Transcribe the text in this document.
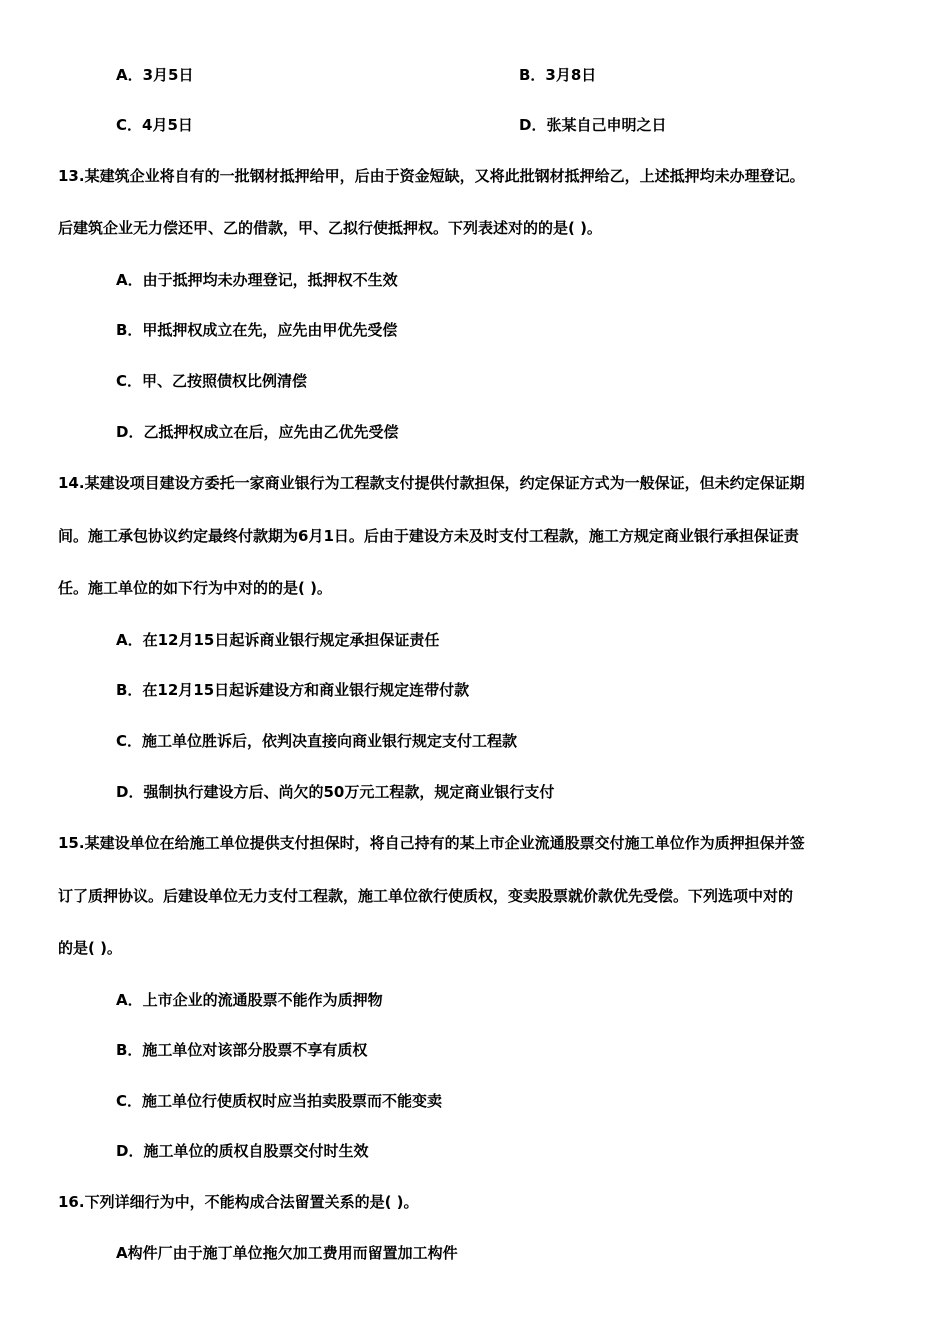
A．3月5日	B．3月8日
C．4月5日	D．张某自己申明之日
13.某建筑企业将自有的一批钢材抵押给甲，后由于资金短缺，又将此批钢材抵押给乙，上述抵押均未办理登记。
后建筑企业无力偿还甲、乙的借款，甲、乙拟行使抵押权。下列表述对的的是( )。
A．由于抵押均未办理登记，抵押权不生效
B．甲抵押权成立在先，应先由甲优先受偿
C．甲、乙按照债权比例清偿
D．乙抵押权成立在后，应先由乙优先受偿
14.某建设项目建设方委托一家商业银行为工程款支付提供付款担保，约定保证方式为一般保证，但未约定保证期
间。施工承包协议约定最终付款期为6月1日。后由于建设方未及时支付工程款，施工方规定商业银行承担保证责
任。施工单位的如下行为中对的的是( )。
A．在12月15日起诉商业银行规定承担保证责任
B．在12月15日起诉建设方和商业银行规定连带付款
C．施工单位胜诉后，依判决直接向商业银行规定支付工程款
D．强制执行建设方后、尚欠的50万元工程款，规定商业银行支付
15.某建设单位在给施工单位提供支付担保时，将自己持有的某上市企业流通股票交付施工单位作为质押担保并签
订了质押协议。后建设单位无力支付工程款，施工单位欲行使质权，变卖股票就价款优先受偿。下列选项中对的
的是( )。
A．上市企业的流通股票不能作为质押物
B．施工单位对该部分股票不享有质权
C．施工单位行使质权时应当拍卖股票而不能变卖
D．施工单位的质权自股票交付时生效
16.下列详细行为中，不能构成合法留置关系的是( )。
A构件厂由于施丁单位拖欠加工费用而留置加工构件
